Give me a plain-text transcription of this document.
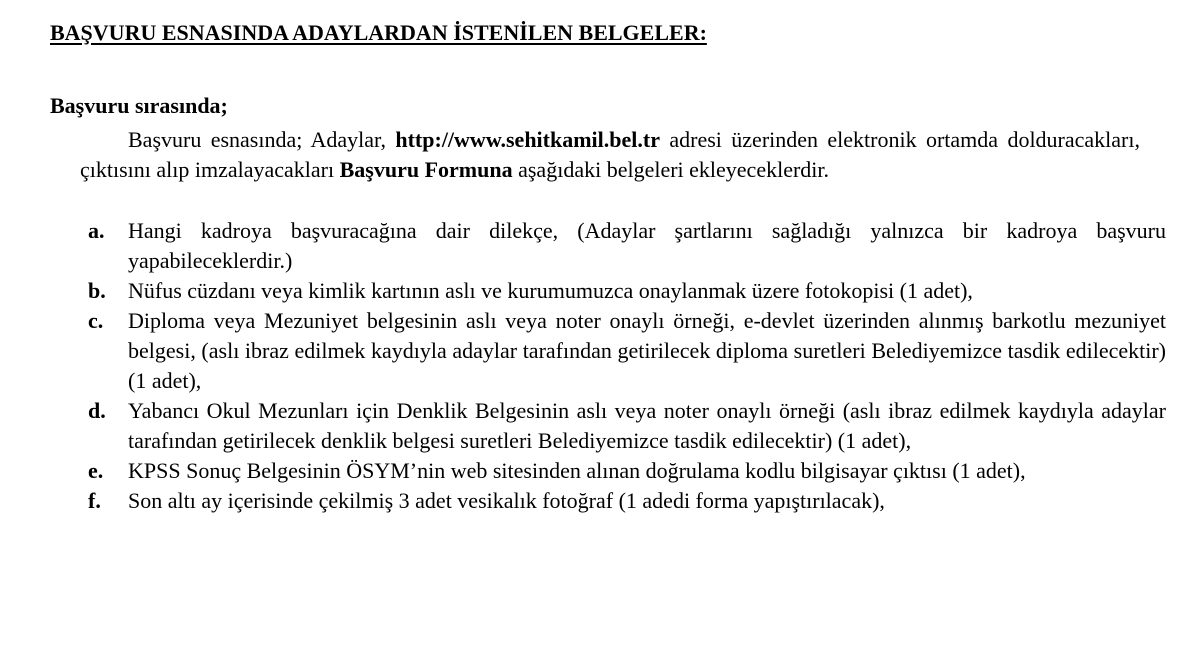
BAŞVURU ESNASINDA ADAYLARDAN İSTENİLEN BELGELER:
Başvuru sırasında;

Başvuru esnasında; Adaylar, http://www.sehitkamil.bel.tr adresi üzerinden elektronik ortamda dolduracakları, çıktısını alıp imzalayacakları Başvuru Formuna aşağıdaki belgeleri ekleyeceklerdir.

a. Hangi kadroya başvuracağına dair dilekçe, (Adaylar şartlarını sağladığı yalnızca bir kadroya başvuru yapabileceklerdir.)
b. Nüfus cüzdanı veya kimlik kartının aslı ve kurumumuzca onaylanmak üzere fotokopisi (1 adet),
c. Diploma veya Mezuniyet belgesinin aslı veya noter onaylı örneği, e-devlet üzerinden alınmış barkotlu mezuniyet belgesi, (aslı ibraz edilmek kaydıyla adaylar tarafından getirilecek diploma suretleri Belediyemizce tasdik edilecektir) (1 adet),
d. Yabancı Okul Mezunları için Denklik Belgesinin aslı veya noter onaylı örneği (aslı ibraz edilmek kaydıyla adaylar tarafından getirilecek denklik belgesi suretleri Belediyemizce tasdik edilecektir) (1 adet),
e. KPSS Sonuç Belgesinin ÖSYM’nin web sitesinden alınan doğrulama kodlu bilgisayar çıktısı (1 adet),
f. Son altı ay içerisinde çekilmiş 3 adet vesikalık fotoğraf (1 adedi forma yapıştırılacak),
